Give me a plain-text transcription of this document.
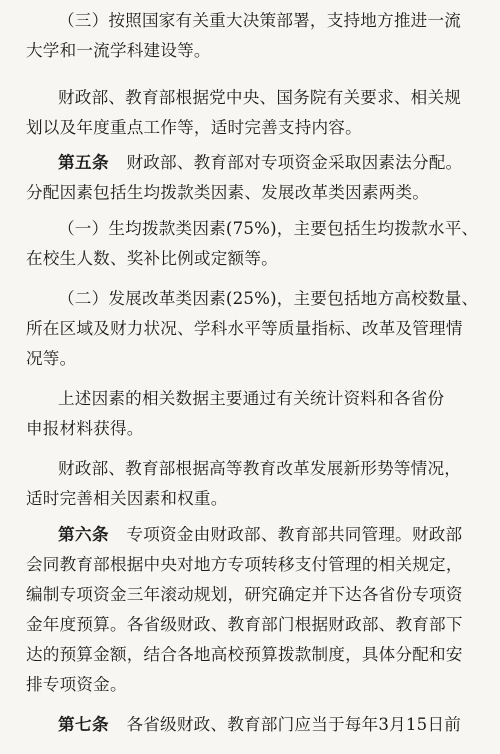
（三）按照国家有关重大决策部署，支持地方推进一流
大学和一流学科建设等。
财政部、教育部根据党中央、国务院有关要求、相关规
划以及年度重点工作等，适时完善支持内容。
第五条 财政部、教育部对专项资金采取因素法分配。
分配因素包括生均拨款类因素、发展改革类因素两类。
（一）生均拨款类因素(75%)，主要包括生均拨款水平、
在校生人数、奖补比例或定额等。
（二）发展改革类因素(25%)，主要包括地方高校数量、
所在区域及财力状况、学科水平等质量指标、改革及管理情
况等。
上述因素的相关数据主要通过有关统计资料和各省份
申报材料获得。
财政部、教育部根据高等教育改革发展新形势等情况，
适时完善相关因素和权重。
第六条 专项资金由财政部、教育部共同管理。财政部
会同教育部根据中央对地方专项转移支付管理的相关规定，
编制专项资金三年滚动规划，研究确定并下达各省份专项资
金年度预算。各省级财政、教育部门根据财政部、教育部下
达的预算金额，结合各地高校预算拨款制度，具体分配和安
排专项资金。
第七条 各省级财政、教育部门应当于每年3月15日前
